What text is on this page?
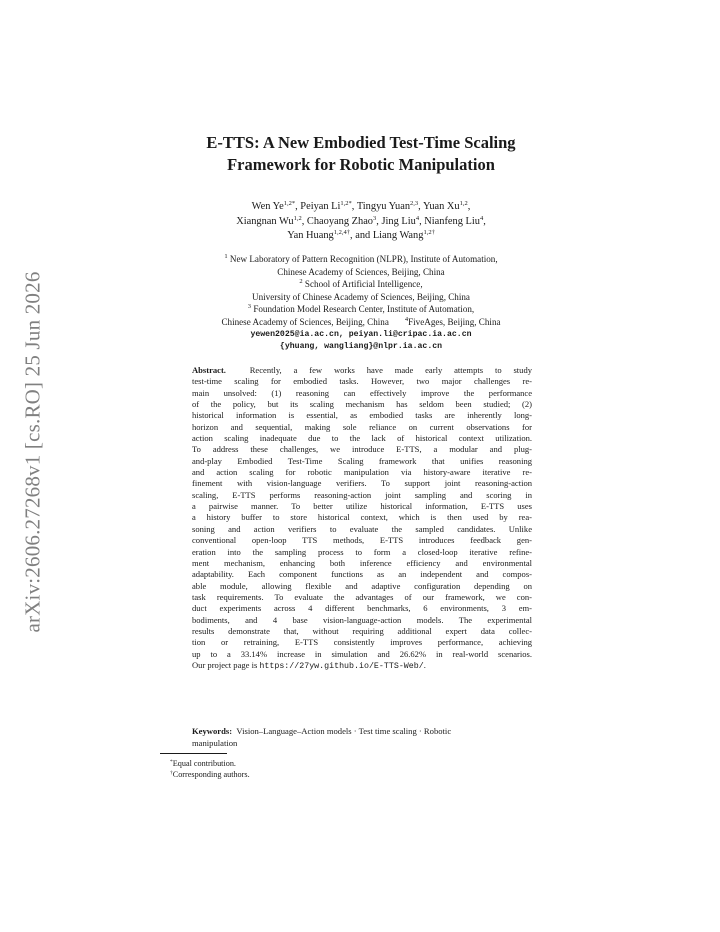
arXiv:2606.27268v1 [cs.RO] 25 Jun 2026
E-TTS: A New Embodied Test-Time Scaling
Framework for Robotic Manipulation
Wen $Ye^{1,2*}$, Peiyan $Li^{1,2*}$, Tingyu Yuan$^{2,3}$, Yuan Xu$^{1,2}$,
Xiangnan Wu$^{1,2}$, Chaoyang Zhao$^3$, Jing Liu$^4$, Nianfeng Liu$^4$,
Yan Huang$^{1,2,4\dagger}$, and Liang Wang$^{1,2\dagger}$
$^1$ New Laboratory of Pattern Recognition (NLPR), Institute of Automation,
Chinese Academy of Sciences, Beijing, China
$^2$ School of Artificial Intelligence,
University of Chinese Academy of Sciences, Beijing, China
$^3$ Foundation Model Research Center, Institute of Automation,
Chinese Academy of Sciences, Beijing, China $^4$FiveAges, Beijing, China
yewen2025@ia.ac.cn, peiyan.li@cripac.ia.ac.cn
{yhuang, wangliang}@nlpr.ia.ac.cn
Abstract.	Recently, a few works have made early attempts to study
test-time scaling for embodied tasks. However, two major challenges re-
main unsolved: (1) reasoning can effectively improve the performance
of the policy, but its scaling mechanism has seldom been studied; (2)
historical information is essential, as embodied tasks are inherently long-
horizon and sequential, making sole reliance on current observations for
action scaling inadequate due to the lack of historical context utilization.
To address these challenges, we introduce E-TTS, a modular and plug-
and-play Embodied Test-Time Scaling framework that unifies reasoning
and action scaling for robotic manipulation via history-aware iterative re-
finement with vision-language verifiers. To support joint reasoning-action
scaling, E-TTS performs reasoning-action joint sampling and scoring in
a pairwise manner. To better utilize historical information, E-TTS uses
a history buffer to store historical context, which is then used by rea-
soning and action verifiers to evaluate the sampled candidates. Unlike
conventional open-loop TTS methods, E-TTS introduces feedback gen-
eration into the sampling process to form a closed-loop iterative refine-
ment mechanism, enhancing both inference efficiency and environmental
adaptability. Each component functions as an independent and compos-
able module, allowing flexible and adaptive configuration depending on
task requirements. To evaluate the advantages of our framework, we con-
duct experiments across 4 different benchmarks, 6 environments, 3 em-
bodiments, and 4 base vision-language-action models. The experimental
results demonstrate that, without requiring additional expert data collec-
tion or retraining, E-TTS consistently improves performance, achieving
up to a 33.14% increase in simulation and 26.62% in real-world scenarios.
Our project page is https://27yw.github.io/E-TTS-Web/.
Keywords: Vision–Language–Action models · Test time scaling · Robotic
manipulation
*Equal contribution.
†Corresponding authors.
